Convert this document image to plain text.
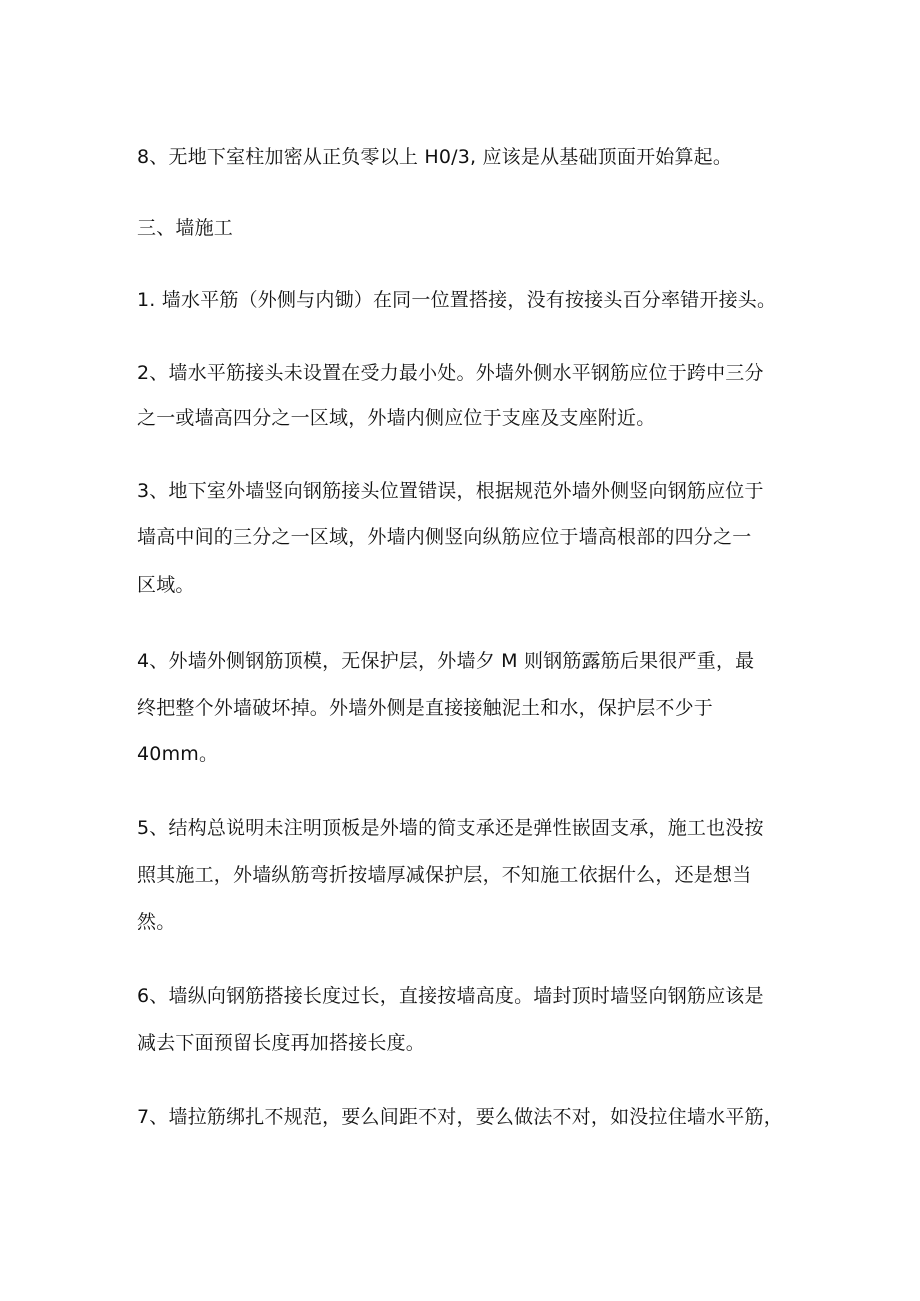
8、无地下室柱加密从正负零以上 H0/3, 应该是从基础顶面开始算起。
三、墙施工
1. 墙水平筋（外侧与内锄）在同一位置搭接，没有按接头百分率错开接头。
2、墙水平筋接头未设置在受力最小处。外墙外侧水平钢筋应位于跨中三分
之一或墙高四分之一区域，外墙内侧应位于支座及支座附近。
3、地下室外墙竖向钢筋接头位置错误，根据规范外墙外侧竖向钢筋应位于
墙高中间的三分之一区域，外墙内侧竖向纵筋应位于墙高根部的四分之一
区域。
4、外墙外侧钢筋顶模，无保护层，外墙夕 M 则钢筋露筋后果很严重，最
终把整个外墙破坏掉。外墙外侧是直接接触泥土和水，保护层不少于
40mm。
5、结构总说明未注明顶板是外墙的简支承还是弹性嵌固支承，施工也没按
照其施工，外墙纵筋弯折按墙厚减保护层，不知施工依据什么，还是想当
然。
6、墙纵向钢筋搭接长度过长，直接按墙高度。墙封顶时墙竖向钢筋应该是
减去下面预留长度再加搭接长度。
7、墙拉筋绑扎不规范，要么间距不对，要么做法不对，如没拉住墙水平筋，
